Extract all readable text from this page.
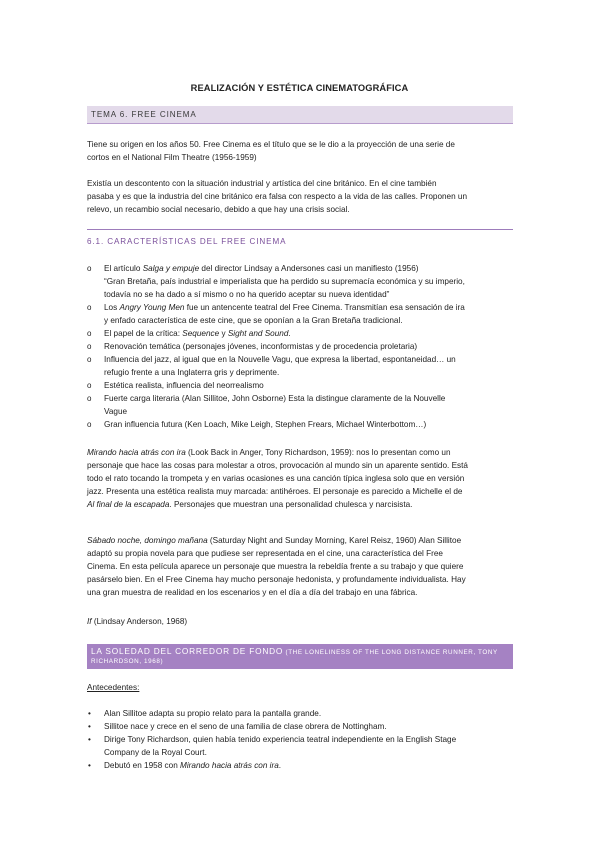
REALIZACIÓN Y ESTÉTICA CINEMATOGRÁFICA
TEMA 6. FREE CINEMA
Tiene su origen en los años 50. Free Cinema es el título que se le dio a la proyección de una serie de
cortos en el National Film Theatre (1956-1959)
Existía un descontento con la situación industrial y artística del cine británico. En el cine también
pasaba y es que la industria del cine británico era falsa con respecto a la vida de las calles. Proponen un
relevo, un recambio social necesario, debido a que hay una crisis social.
6.1. CARACTERÍSTICAS DEL FREE CINEMA
o El artículo Salga y empuje del director Lindsay a Andersones casi un manifiesto (1956)
“Gran Bretaña, país industrial e imperialista que ha perdido su supremacía económica y su imperio,
todavía no se ha dado a sí mismo o no ha querido aceptar su nueva identidad”
o Los Angry Young Men fue un antencente teatral del Free Cinema. Transmitían esa sensación de ira
y enfado característica de este cine, que se oponían a la Gran Bretaña tradicional.
o El papel de la crítica: Sequence y Sight and Sound.
o Renovación temática (personajes jóvenes, inconformistas y de procedencia proletaria)
o Influencia del jazz, al igual que en la Nouvelle Vagu, que expresa la libertad, espontaneidad… un
refugio frente a una Inglaterra gris y deprimente.
o Estética realista, influencia del neorrealismo
o Fuerte carga literaria (Alan Sillitoe, John Osborne) Esta la distingue claramente de la Nouvelle
Vague
o Gran influencia futura (Ken Loach, Mike Leigh, Stephen Frears, Michael Winterbottom…)
Mirando hacia atrás con ira (Look Back in Anger, Tony Richardson, 1959): nos lo presentan como un
personaje que hace las cosas para molestar a otros, provocación al mundo sin un aparente sentido. Está
todo el rato tocando la trompeta y en varias ocasiones es una canción típica inglesa solo que en versión
jazz. Presenta una estética realista muy marcada: antihéroes. El personaje es parecido a Michelle el de
Al final de la escapada. Personajes que muestran una personalidad chulesca y narcisista.
Sábado noche, domingo mañana (Saturday Night and Sunday Morning, Karel Reisz, 1960) Alan Sillitoe
adaptó su propia novela para que pudiese ser representada en el cine, una característica del Free
Cinema. En esta película aparece un personaje que muestra la rebeldía frente a su trabajo y que quiere
pasárselo bien. En el Free Cinema hay mucho personaje hedonista, y profundamente individualista. Hay
una gran muestra de realidad en los escenarios y en el día a día del trabajo en una fábrica.
If (Lindsay Anderson, 1968)
LA SOLEDAD DEL CORREDOR DE FONDO (THE LONELINESS OF THE LONG DISTANCE RUNNER, TONY
RICHARDSON, 1968)
Antecedentes:
• Alan Sillitoe adapta su propio relato para la pantalla grande.
• Sillitoe nace y crece en el seno de una familia de clase obrera de Nottingham.
• Dirige Tony Richardson, quien había tenido experiencia teatral independiente en la English Stage
Company de la Royal Court.
• Debutó en 1958 con Mirando hacia atrás con ira.
